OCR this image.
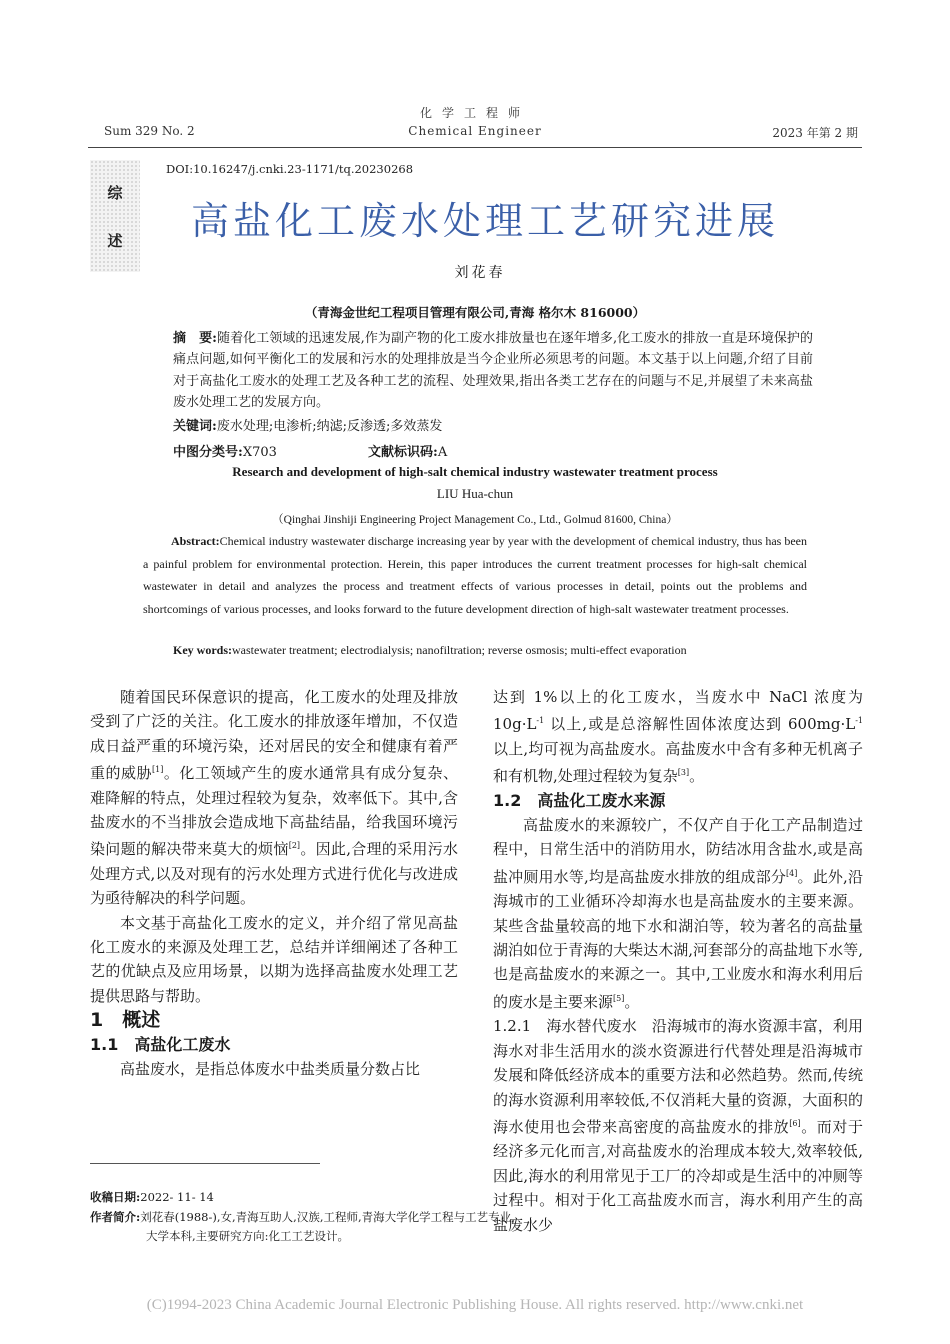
化学工程师
Sum 329 No. 2	Chemical Engineer	2023 年第 2 期
综
述
DOI:10.16247/j.cnki.23-1171/tq.20230268
高盐化工废水处理工艺研究进展
刘花春
（青海金世纪工程项目管理有限公司,青海 格尔木 816000）
摘　要:随着化工领域的迅速发展,作为副产物的化工废水排放量也在逐年增多,化工废水的排放一直是环境保护的痛点问题,如何平衡化工的发展和污水的处理排放是当今企业所必须思考的问题。本文基于以上问题,介绍了目前对于高盐化工废水的处理工艺及各种工艺的流程、处理效果,指出各类工艺存在的问题与不足,并展望了未来高盐废水处理工艺的发展方向。
关键词:废水处理;电渗析;纳滤;反渗透;多效蒸发
中图分类号:X703	文献标识码:A
Research and development of high-salt chemical industry wastewater treatment process
LIU Hua-chun
（Qinghai Jinshiji Engineering Project Management Co., Ltd., Golmud 81600, China）
Abstract:Chemical industry wastewater discharge increasing year by year with the development of chemical industry, thus has been a painful problem for environmental protection. Herein, this paper introduces the current treatment processes for high-salt chemical wastewater in detail and analyzes the process and treatment effects of various processes in detail, points out the problems and shortcomings of various processes, and looks forward to the future development direction of high-salt wastewater treatment processes.
Key words:wastewater treatment; electrodialysis; nanofiltration; reverse osmosis; multi-effect evaporation

随着国民环保意识的提高，化工废水的处理及排放受到了广泛的关注。化工废水的排放逐年增加，不仅造成日益严重的环境污染，还对居民的安全和健康有着严重的威胁[1]。化工领域产生的废水通常具有成分复杂、难降解的特点，处理过程较为复杂，效率低下。其中,含盐废水的不当排放会造成地下高盐结晶，给我国环境污染问题的解决带来莫大的烦恼[2]。因此,合理的采用污水处理方式,以及对现有的污水处理方式进行优化与改进成为亟待解决的科学问题。

本文基于高盐化工废水的定义，并介绍了常见高盐化工废水的来源及处理工艺，总结并详细阐述了各种工艺的优缺点及应用场景，以期为选择高盐废水处理工艺提供思路与帮助。

1　概述

1.1　高盐化工废水

高盐废水，是指总体废水中盐类质量分数占比

达到 1%以上的化工废水，当废水中 NaCl 浓度为 $10g\cdot L^{-1}$ 以上,或是总溶解性固体浓度达到 $600mg\cdot L^{-1}$ 以上,均可视为高盐废水。高盐废水中含有多种无机离子和有机物,处理过程较为复杂[3]。

1.2　高盐化工废水来源

高盐废水的来源较广，不仅产自于化工产品制造过程中，日常生活中的消防用水，防结冰用含盐水,或是高盐冲厕用水等,均是高盐废水排放的组成部分[4]。此外,沿海城市的工业循环冷却海水也是高盐废水的主要来源。某些含盐量较高的地下水和湖泊等，较为著名的高盐量湖泊如位于青海的大柴达木湖,河套部分的高盐地下水等,也是高盐废水的来源之一。其中,工业废水和海水利用后的废水是主要来源[5]。

1.2.1　海水替代废水　沿海城市的海水资源丰富，利用海水对非生活用水的淡水资源进行代替处理是沿海城市发展和降低经济成本的重要方法和必然趋势。然而,传统的海水资源利用率较低,不仅消耗大量的资源，大面积的海水使用也会带来高密度的高盐废水的排放[6]。而对于经济多元化而言,对高盐废水的治理成本较大,效率较低,因此,海水的利用常见于工厂的冷却或是生活中的冲厕等过程中。相对于化工高盐废水而言，海水利用产生的高盐废水少

收稿日期:2022- 11- 14
作者简介:刘花春(1988-),女,青海互助人,汉族,工程师,青海大学化学工程与工艺专业,大学本科,主要研究方向:化工工艺设计。
(C)1994-2023 China Academic Journal Electronic Publishing House. All rights reserved. http://www.cnki.net
